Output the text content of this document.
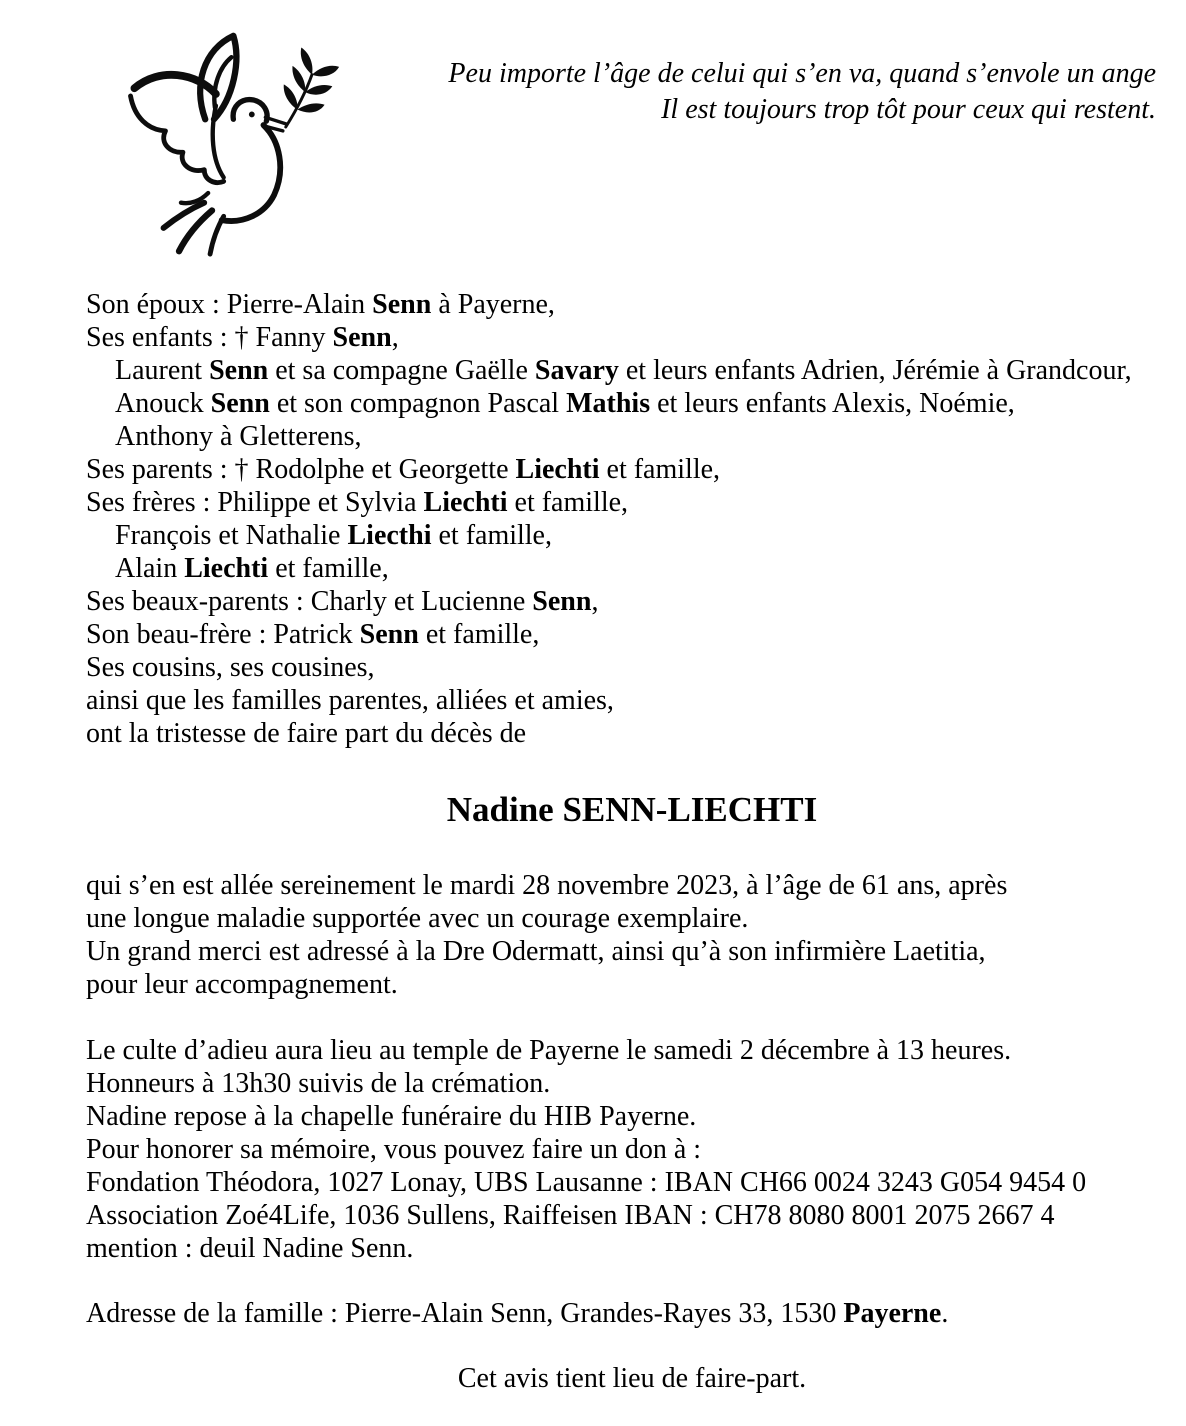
Peu importe l’âge de celui qui s’en va, quand s’envole un ange
Il est toujours trop tôt pour ceux qui restent.
Son époux : Pierre-Alain Senn à Payerne,
Ses enfants : † Fanny Senn,
Laurent Senn et sa compagne Gaëlle Savary et leurs enfants Adrien, Jérémie à Grandcour,
Anouck Senn et son compagnon Pascal Mathis et leurs enfants Alexis, Noémie,
Anthony à Gletterens,
Ses parents : † Rodolphe et Georgette Liechti et famille,
Ses frères : Philippe et Sylvia Liechti et famille,
François et Nathalie Liecthi et famille,
Alain Liechti et famille,
Ses beaux-parents : Charly et Lucienne Senn,
Son beau-frère : Patrick Senn et famille,
Ses cousins, ses cousines,
ainsi que les familles parentes, alliées et amies,
ont la tristesse de faire part du décès de
Nadine SENN-LIECHTI
qui s’en est allée sereinement le mardi 28 novembre 2023, à l’âge de 61 ans, après
une longue maladie supportée avec un courage exemplaire.
Un grand merci est adressé à la Dre Odermatt, ainsi qu’à son infirmière Laetitia,
pour leur accompagnement.
Le culte d’adieu aura lieu au temple de Payerne le samedi 2 décembre à 13 heures.
Honneurs à 13h30 suivis de la crémation.
Nadine repose à la chapelle funéraire du HIB Payerne.
Pour honorer sa mémoire, vous pouvez faire un don à :
Fondation Théodora, 1027 Lonay, UBS Lausanne : IBAN CH66 0024 3243 G054 9454 0
Association Zoé4Life, 1036 Sullens, Raiffeisen IBAN : CH78 8080 8001 2075 2667 4
mention : deuil Nadine Senn.
Adresse de la famille : Pierre-Alain Senn, Grandes-Rayes 33, 1530 Payerne.
Cet avis tient lieu de faire-part.
